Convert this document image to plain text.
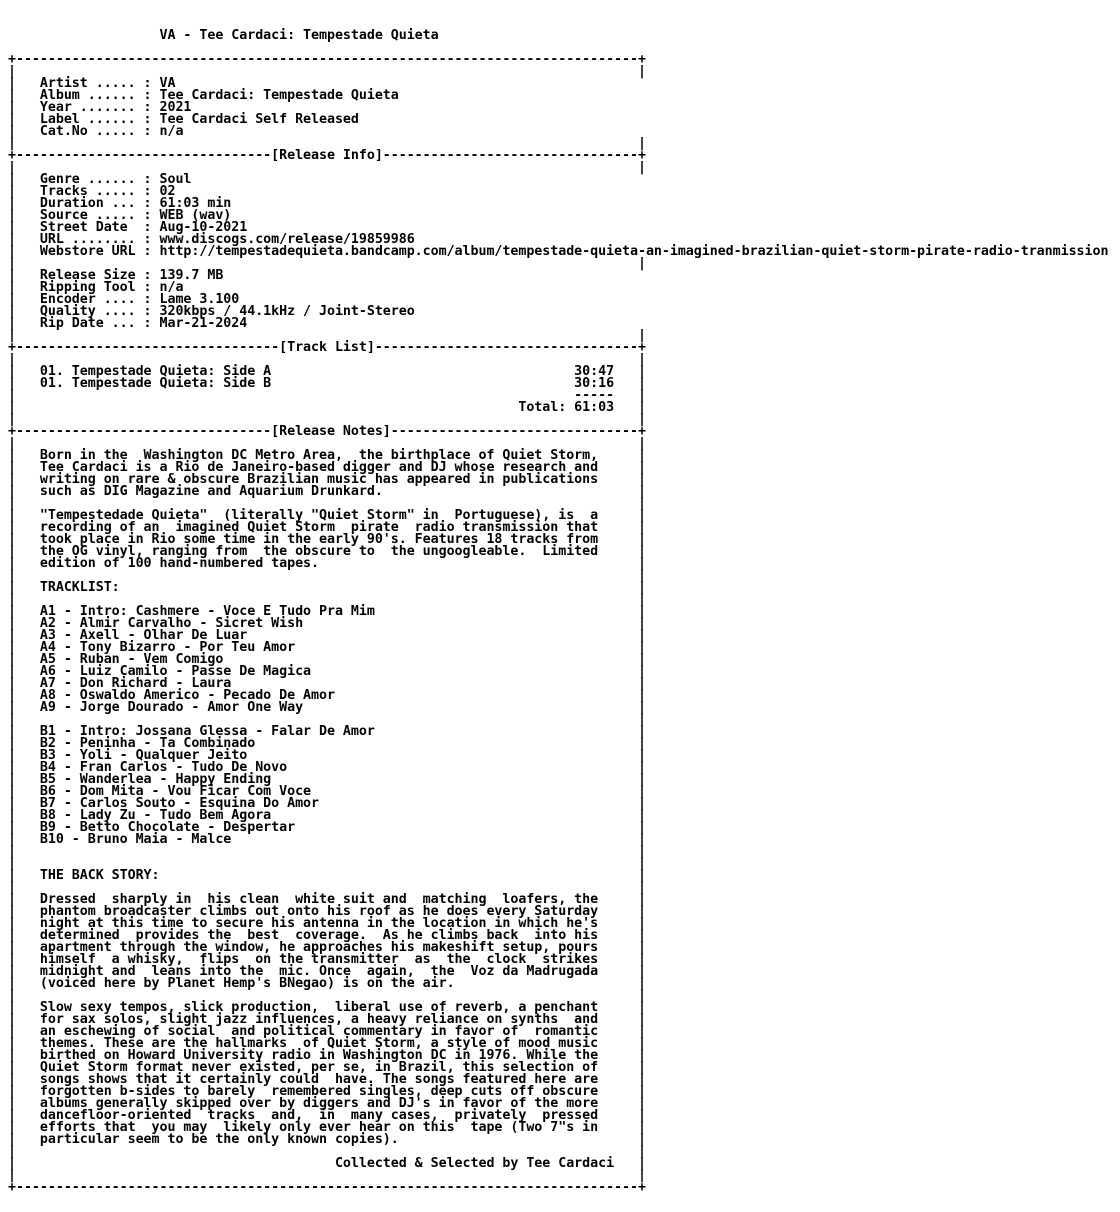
VA - Tee Cardaci: Tempestade Quieta
+------------------------------------------------------------------------------+
|                                                                              |
|   Artist ..... : VA
|   Album ...... : Tee Cardaci: Tempestade Quieta
|   Year ....... : 2021
|   Label ...... : Tee Cardaci Self Released
|   Cat.No ..... : n/a
|                                                                              |
+--------------------------------[Release Info]--------------------------------+
|                                                                              |
|   Genre ...... : Soul
|   Tracks ..... : 02
|   Duration ... : 61:03 min
|   Source ..... : WEB (wav)
|   Street Date  : Aug-10-2021
|   URL ........ : www.discogs.com/release/19859986
|   Webstore URL : http://tempestadequieta.bandcamp.com/album/tempestade-quieta-an-imagined-brazilian-quiet-storm-pirate-radio-tranmission
|                                                                              |
|   Release Size : 139.7 MB
|   Ripping Tool : n/a
|   Encoder .... : Lame 3.100
|   Quality .... : 320kbps / 44.1kHz / Joint-Stereo
|   Rip Date ... : Mar-21-2024
|                                                                              |
+---------------------------------[Track List]---------------------------------+
|                                                                              |
|   01. Tempestade Quieta: Side A                                      30:47   |
|   01. Tempestade Quieta: Side B                                      30:16   |
|                                                                      -----   |
|                                                               Total: 61:03   |
|                                                                              |
+--------------------------------[Release Notes]-------------------------------+
|                                                                              |
|   Born in the  Washington DC Metro Area,  the birthplace of Quiet Storm,     |
|   Tee Cardaci is a Rio de Janeiro-based digger and DJ whose research and     |
|   writing on rare & obscure Brazilian music has appeared in publications     |
|   such as DIG Magazine and Aquarium Drunkard.                                |
|                                                                              |
|   "Tempestedade Quieta"  (literally "Quiet Storm" in  Portuguese), is  a     |
|   recording of an  imagined Quiet Storm  pirate  radio transmission that     |
|   took place in Rio some time in the early 90's. Features 18 tracks from     |
|   the OG vinyl, ranging from  the obscure to  the ungoogleable.  Limited     |
|   edition of 100 hand-numbered tapes.                                        |
|                                                                              |
|   TRACKLIST:                                                                 |
|                                                                              |
|   A1 - Intro: Cashmere - Voce E Tudo Pra Mim                                 |
|   A2 - Almir Carvalho - Sicret Wish                                          |
|   A3 - Axell - Olhar De Luar                                                 |
|   A4 - Tony Bizarro - Por Teu Amor                                           |
|   A5 - Ruban - Vem Comigo                                                    |
|   A6 - Luiz Camilo - Passe De Magica                                         |
|   A7 - Don Richard - Laura                                                   |
|   A8 - Oswaldo Americo - Pecado De Amor                                      |
|   A9 - Jorge Dourado - Amor One Way                                          |
|                                                                              |
|   B1 - Intro: Jossana Glessa - Falar De Amor                                 |
|   B2 - Peninha - Ta Combinado                                                |
|   B3 - Yoli - Qualquer Jeito                                                 |
|   B4 - Fran Carlos - Tudo De Novo                                            |
|   B5 - Wanderlea - Happy Ending                                              |
|   B6 - Dom Mita - Vou Ficar Com Voce                                         |
|   B7 - Carlos Souto - Esquina Do Amor                                        |
|   B8 - Lady Zu - Tudo Bem Agora                                              |
|   B9 - Betto Chocolate - Despertar                                           |
|   B10 - Bruno Maia - Malce                                                   |
|                                                                              |
|                                                                              |
|   THE BACK STORY:                                                            |
|                                                                              |
|   Dressed  sharply in  his clean  white suit and  matching  loafers, the     |
|   phantom broadcaster climbs out onto his roof as he does every Saturday     |
|   night at this time to secure his antenna in the location in which he's     |
|   determined  provides the  best  coverage.  As he climbs back  into his     |
|   apartment through the window, he approaches his makeshift setup, pours     |
|   himself  a whisky,  flips  on the transmitter  as  the  clock  strikes     |
|   midnight and  leans into the  mic. Once  again,  the  Voz da Madrugada     |
|   (voiced here by Planet Hemp's BNegao) is on the air.                       |
|                                                                              |
|   Slow sexy tempos, slick production,  liberal use of reverb, a penchant     |
|   for sax solos, slight jazz influences, a heavy reliance on synths  and     |
|   an eschewing of social  and political commentary in favor of  romantic     |
|   themes. These are the hallmarks  of Quiet Storm, a style of mood music     |
|   birthed on Howard University radio in Washington DC in 1976. While the     |
|   Quiet Storm format never existed, per se, in Brazil, this selection of     |
|   songs shows that it certainly could  have. The songs featured here are     |
|   forgotten b-sides to barely  remembered singles, deep cuts off obscure     |
|   albums generally skipped over by diggers and DJ's in favor of the more     |
|   dancefloor-oriented  tracks  and,  in  many cases,  privately  pressed     |
|   efforts that  you may  likely only ever hear on this  tape (Two 7"s in     |
|   particular seem to be the only known copies).                              |
|                                                                              |
|                                        Collected & Selected by Tee Cardaci   |
|                                                                              |
+------------------------------------------------------------------------------+
